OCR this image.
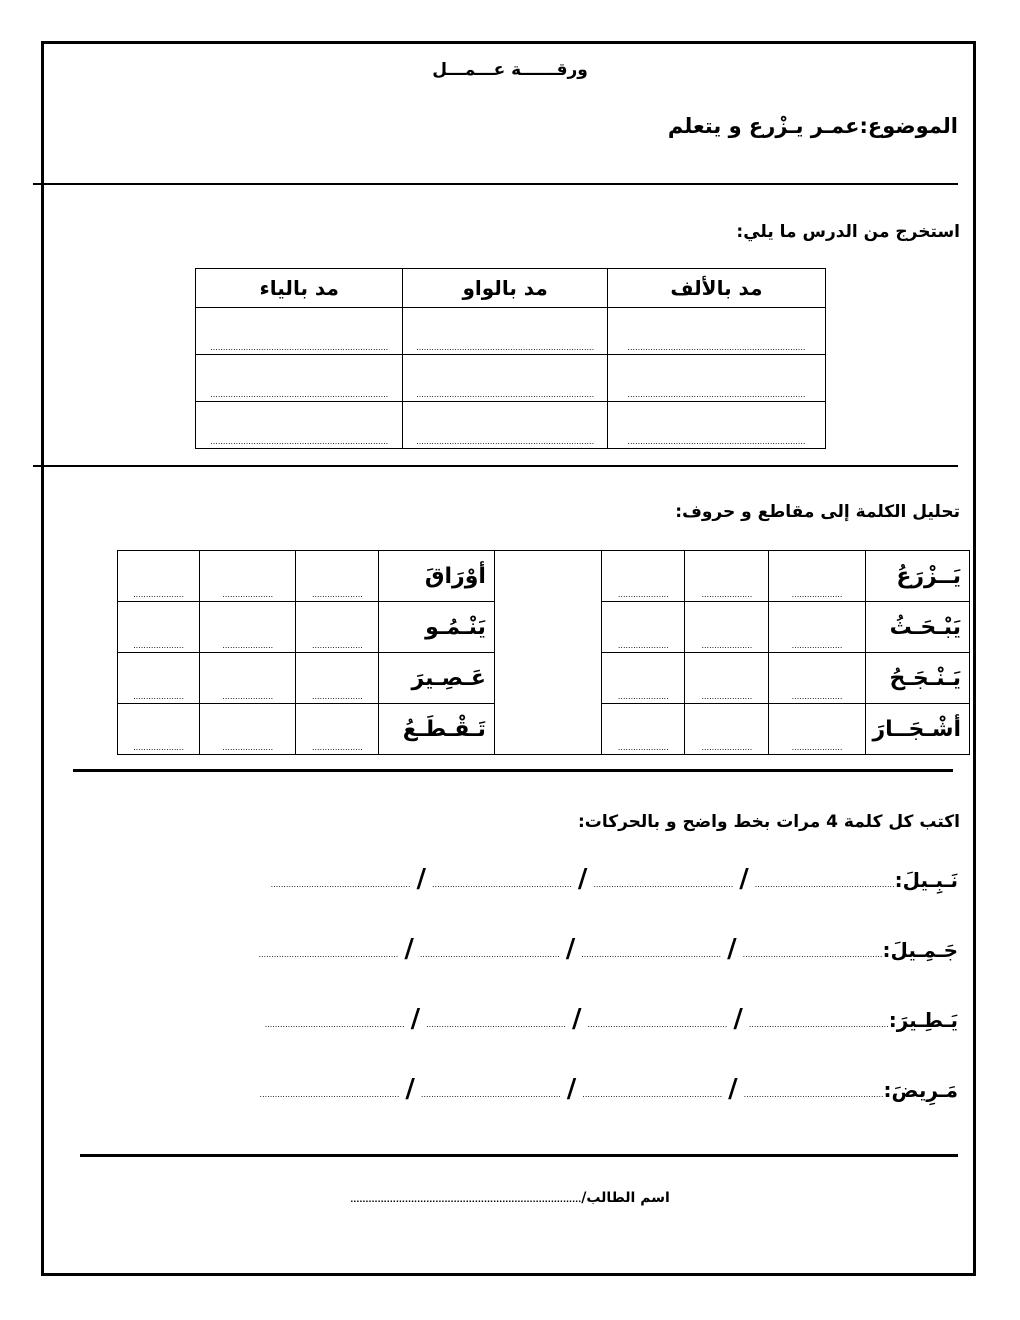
ورقــــــة عـــمـــل
الموضوع:عمـر يـزْرع و يتعلم
استخرج من الدرس ما يلي:
مد بالألف	مد بالواو	مد بالياء
......................................................................	......................................................................	......................................................................
......................................................................	......................................................................	......................................................................
......................................................................	......................................................................	......................................................................
تحليل الكلمة إلى مقاطع و حروف:
يَــزْرَعُ	....................	....................	....................		أوْرَاقَ	....................	....................	....................
يَبْـحَـثُ	....................	....................	....................		يَنْـمُـو	....................	....................	....................
يَـنْـجَـحُ	....................	....................	....................		عَـصِـيرَ	....................	....................	....................
أشْـجَــارَ	....................	....................	....................		تَـقْـطَـعُ	....................	....................	....................
اكتب كل كلمة 4 مرات بخط واضح و بالحركات:
نَـبِـيلَ:......................................................./......................................................./......................................................./.......................................................
جَـمِـيلَ:......................................................./......................................................./......................................................./.......................................................
يَـطِـيرَ:......................................................./......................................................./......................................................./.......................................................
مَـرِيضَ:......................................................./......................................................./......................................................./.......................................................
اسم الطالب/............................................................................
